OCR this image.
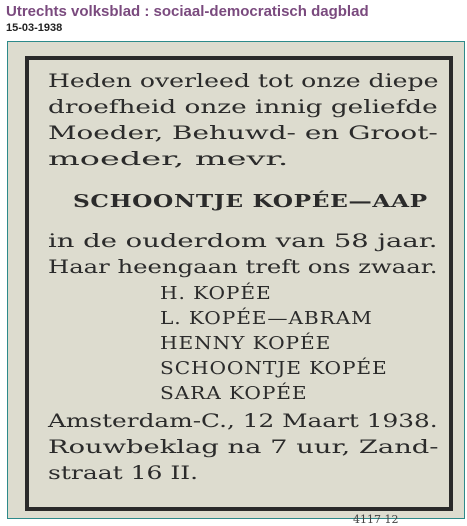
Utrechts volksblad : sociaal-democratisch dagblad
15-03-1938
Heden overleed tot onze diepe
droefheid onze innig geliefde
Moeder, Behuwd- en Groot-
moeder, mevr.
SCHOONTJE KOPÉE—AAP
in de ouderdom van 58 jaar.
Haar heengaan treft ons zwaar.
H. KOPÉE
L. KOPÉE—ABRAM
HENNY KOPÉE
SCHOONTJE KOPÉE
SARA KOPÉE
Amsterdam-C., 12 Maart 1938.
Rouwbeklag na 7 uur, Zand-
straat 16 II.
4117 12
